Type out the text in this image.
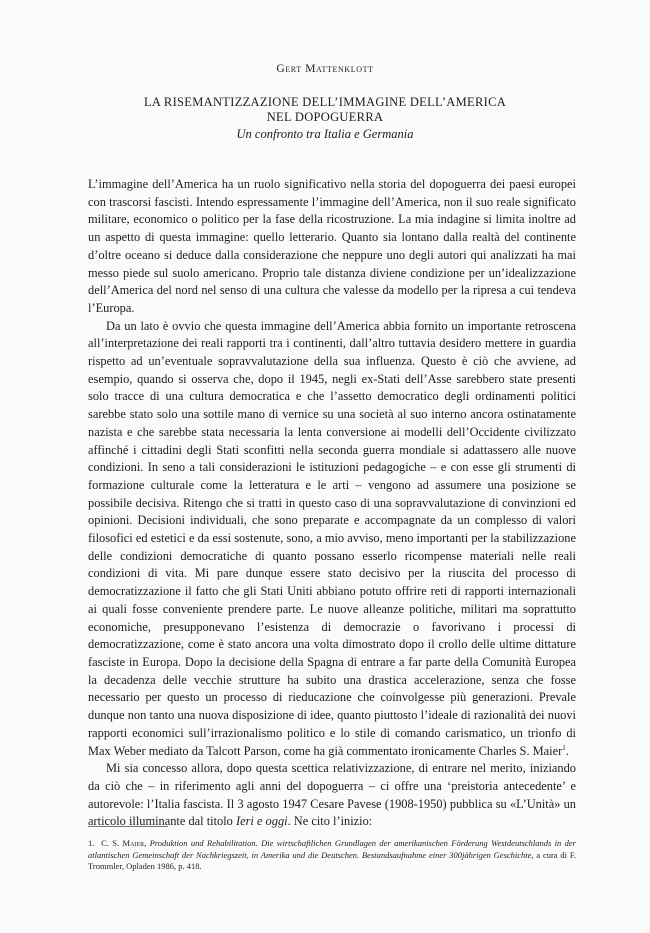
Gert Mattenklott
LA RISEMANTIZZAZIONE DELL’IMMAGINE DELL’AMERICA
NEL DOPOGUERRA
Un confronto tra Italia e Germania

L’immagine dell’America ha un ruolo significativo nella storia del dopoguerra dei paesi europei con trascorsi fascisti. Intendo espressamente l’immagine dell’America, non il suo reale significato militare, economico o politico per la fase della ricostruzione. La mia indagine si limita inoltre ad un aspetto di questa immagine: quello letterario. Quanto sia lontano dalla realtà del continente d’oltre oceano si deduce dalla considerazione che neppure uno degli autori qui analizzati ha mai messo piede sul suolo americano. Proprio tale distanza diviene condizione per un’idealizzazione dell’America del nord nel senso di una cultura che valesse da modello per la ripresa a cui tendeva l’Europa.

Da un lato è ovvio che questa immagine dell’America abbia fornito un importante retroscena all’interpretazione dei reali rapporti tra i continenti, dall’altro tuttavia desidero mettere in guardia rispetto ad un’eventuale sopravvalutazione della sua influenza. Questo è ciò che avviene, ad esempio, quando si osserva che, dopo il 1945, negli ex-Stati dell’Asse sarebbero state presenti solo tracce di una cultura democratica e che l’assetto democratico degli ordinamenti politici sarebbe stato solo una sottile mano di vernice su una società al suo interno ancora ostinatamente nazista e che sarebbe stata necessaria la lenta conversione ai modelli dell’Occidente civilizzato affinché i cittadini degli Stati sconfitti nella seconda guerra mondiale si adattassero alle nuove condizioni. In seno a tali considerazioni le istituzioni pedagogiche – e con esse gli strumenti di formazione culturale come la letteratura e le arti – vengono ad assumere una posizione se possibile decisiva. Ritengo che si tratti in questo caso di una sopravvalutazione di convinzioni ed opinioni. Decisioni individuali, che sono preparate e accompagnate da un complesso di valori filosofici ed estetici e da essi sostenute, sono, a mio avviso, meno importanti per la stabilizzazione delle condizioni democratiche di quanto possano esserlo ricompense materiali nelle reali condizioni di vita. Mi pare dunque essere stato decisivo per la riuscita del processo di democratizzazione il fatto che gli Stati Uniti abbiano potuto offrire reti di rapporti internazionali ai quali fosse conveniente prendere parte. Le nuove alleanze politiche, militari ma soprattutto economiche, presupponevano l’esistenza di democrazie o favorivano i processi di democratizzazione, come è stato ancora una volta dimostrato dopo il crollo delle ultime dittature fasciste in Europa. Dopo la decisione della Spagna di entrare a far parte della Comunità Europea la decadenza delle vecchie strutture ha subito una drastica accelerazione, senza che fosse necessario per questo un processo di rieducazione che coinvolgesse più generazioni. Prevale dunque non tanto una nuova disposizione di idee, quanto piuttosto l’ideale di razionalità dei nuovi rapporti economici sull’irrazionalismo politico e lo stile di comando carismatico, un trionfo di Max Weber mediato da Talcott Parson, come ha già commentato ironicamente Charles S. Maier$^1$.

Mi sia concesso allora, dopo questa scettica relativizzazione, di entrare nel merito, iniziando da ciò che – in riferimento agli anni del dopoguerra – ci offre una ‘preistoria antecedente’ e autorevole: l’Italia fascista. Il 3 agosto 1947 Cesare Pavese (1908-1950) pubblica su «L’Unità» un articolo illuminante dal titolo Ieri e oggi. Ne cito l’inizio:

1. C. S. Maier, Produktion und Rehabilitation. Die wirtschaftlichen Grundlagen der amerikanischen Förderung Westdeutschlands in der atlantischen Gemeinschaft der Nachkriegszeit, in Amerika und die Deutschen. Bestandsaufnahme einer 300jährigen Geschichte, a cura di F. Trommler, Opladen 1986, p. 418.
